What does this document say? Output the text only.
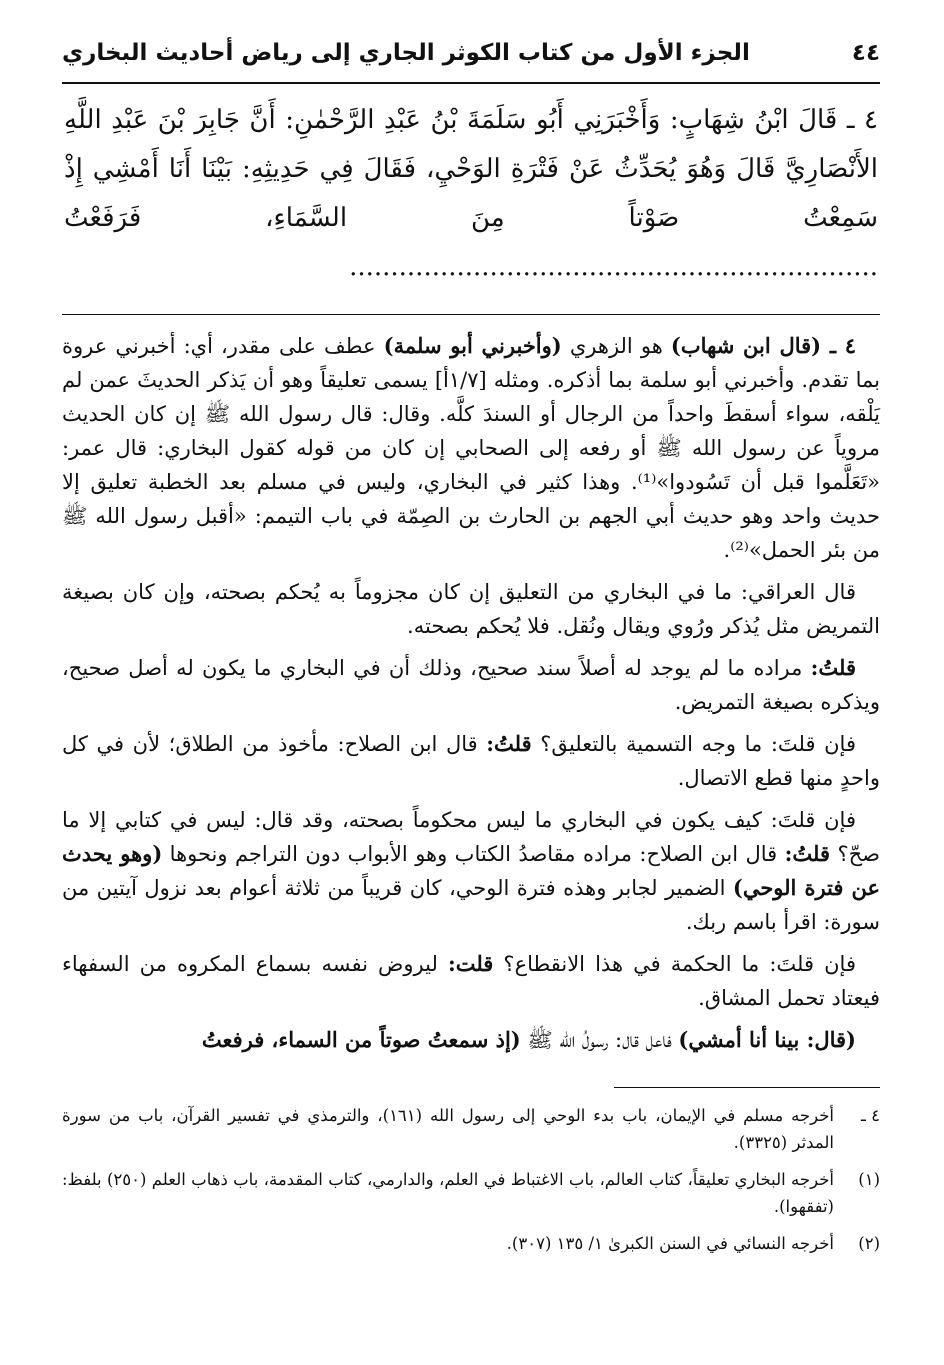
٤٤
الجزء الأول من كتاب الكوثر الجاري إلى رياض أحاديث البخاري
٤ ـ قَالَ ابْنُ شِهَابٍ: وَأَخْبَرَنِي أَبُو سَلَمَةَ بْنُ عَبْدِ الرَّحْمٰنِ: أَنَّ جَابِرَ بْنَ عَبْدِ اللَّهِ الأَنْصَارِيَّ قَالَ وَهُوَ يُحَدِّثُ عَنْ فَتْرَةِ الوَحْيِ، فَقَالَ فِي حَدِيثِهِ: بَيْنَا أَنَا أَمْشِي إِذْ سَمِعْتُ صَوْتاً مِنَ السَّمَاءِ، فَرَفَعْتُ ................................................................

٤ ـ (قال ابن شهاب) هو الزهري (وأخبرني أبو سلمة) عطف على مقدر، أي: أخبرني عروة بما تقدم. وأخبرني أبو سلمة بما أذكره. ومثله [١/٧أ] يسمى تعليقاً وهو أن يَذكر الحديثَ عمن لم يَلْقه، سواء أسقطَ واحداً من الرجال أو السندَ كلَّه. وقال: قال رسول الله ﷺ إن كان الحديث مروياً عن رسول الله ﷺ أو رفعه إلى الصحابي إن كان من قوله كقول البخاري: قال عمر: «تَعَلَّموا قبل أن تَسُودوا»⁽¹⁾. وهذا كثير في البخاري، وليس في مسلم بعد الخطبة تعليق إلا حديث واحد وهو حديث أبي الجهم بن الحارث بن الصِمّة في باب التيمم: «أقبل رسول الله ﷺ من بئر الحمل»⁽²⁾.

قال العراقي: ما في البخاري من التعليق إن كان مجزوماً به يُحكم بصحته، وإن كان بصيغة التمريض مثل يُذكر ورُوي ويقال ونُقل. فلا يُحكم بصحته.

قلتُ: مراده ما لم يوجد له أصلاً سند صحيح، وذلك أن في البخاري ما يكون له أصل صحيح، ويذكره بصيغة التمريض.

فإن قلتَ: ما وجه التسمية بالتعليق؟ قلتُ: قال ابن الصلاح: مأخوذ من الطلاق؛ لأن في كل واحدٍ منها قطع الاتصال.

فإن قلتَ: كيف يكون في البخاري ما ليس محكوماً بصحته، وقد قال: ليس في كتابي إلا ما صحّ؟ قلتُ: قال ابن الصلاح: مراده مقاصدُ الكتاب وهو الأبواب دون التراجم ونحوها (وهو يحدث عن فترة الوحي) الضمير لجابر وهذه فترة الوحي، كان قريباً من ثلاثة أعوام بعد نزول آيتين من سورة: اقرأ باسم ربك.

فإن قلتَ: ما الحكمة في هذا الانقطاع؟ قلت: ليروض نفسه بسماع المكروه من السفهاء فيعتاد تحمل المشاق.

(قال: بينا أنا أمشي) فاعل قال: رسولُ الله ﷺ (إذ سمعتُ صوتاً من السماء، فرفعتُ

٤ ـ
أخرجه مسلم في الإيمان، باب بدء الوحي إلى رسول الله (١٦١)، والترمذي في تفسير القرآن، باب من سورة المدثر (٣٣٢٥).
(١)
أخرجه البخاري تعليقاً، كتاب العالم، باب الاغتباط في العلم، والدارمي، كتاب المقدمة، باب ذهاب العلم (٢٥٠) بلفظ: (تفقهوا).
(٢)
أخرجه النسائي في السنن الكبرىٰ ١/ ١٣٥ (٣٠٧).
